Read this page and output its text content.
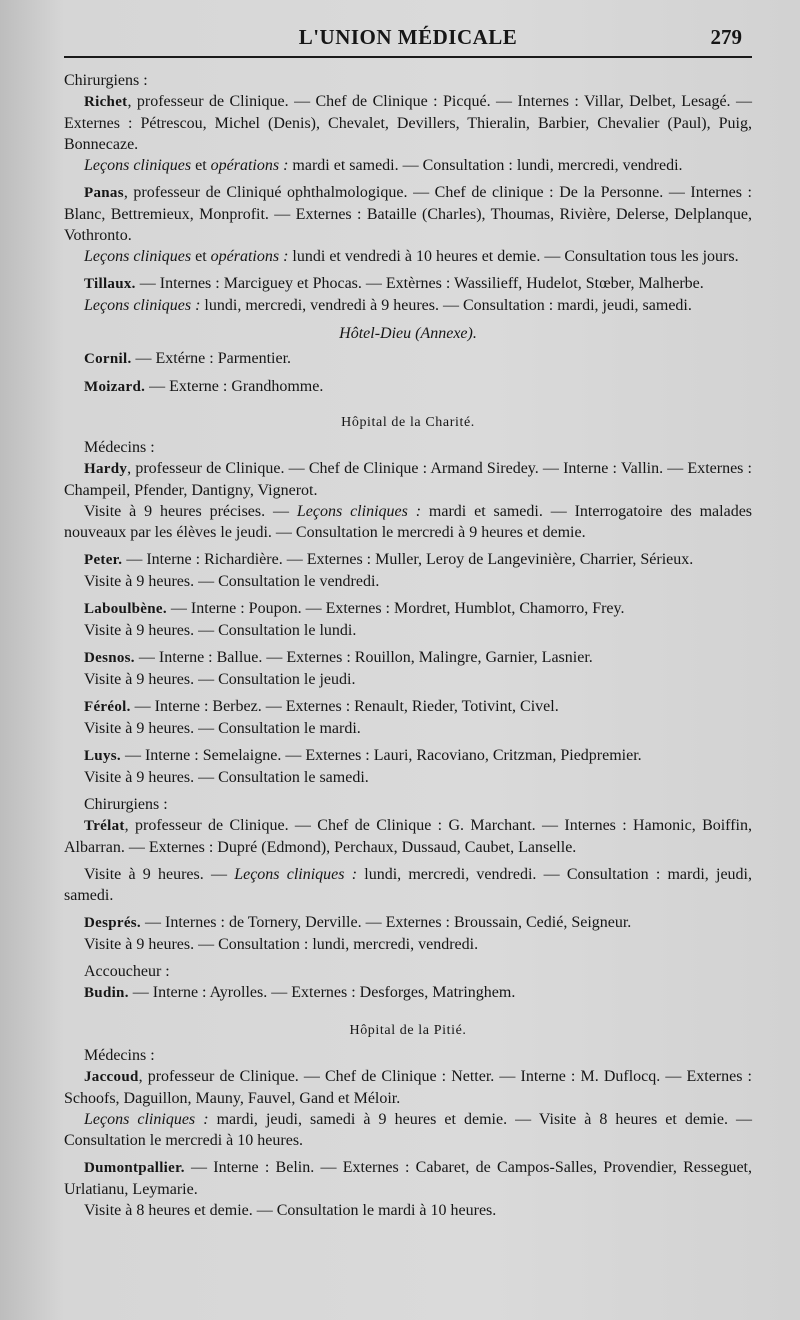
L'UNION MÉDICALE	279

Chirurgiens :

Richet, professeur de Clinique. — Chef de Clinique : Picqué. — Internes : Villar, Delbet, Lesagé. — Externes : Pétrescou, Michel (Denis), Chevalet, Devillers, Thieralin, Barbier, Chevalier (Paul), Puig, Bonnecaze.

Leçons cliniques et opérations : mardi et samedi. — Consultation : lundi, mercredi, vendredi.

Panas, professeur de Cliniqué ophthalmologique. — Chef de clinique : De la Personne. — Internes : Blanc, Bettremieux, Monprofit. — Externes : Bataille (Charles), Thoumas, Rivière, Delerse, Delplanque, Vothronto.

Leçons cliniques et opérations : lundi et vendredi à 10 heures et demie. — Consultation tous les jours.

Tillaux. — Internes : Marciguey et Phocas. — Extèrnes : Wassilieff, Hudelot, Stœber, Malherbe.

Leçons cliniques : lundi, mercredi, vendredi à 9 heures. — Consultation : mardi, jeudi, samedi.

Hôtel-Dieu (Annexe).

Cornil. — Extérne : Parmentier.

Moizard. — Externe : Grandhomme.

Hôpital de la Charité.

Médecins :

Hardy, professeur de Clinique. — Chef de Clinique : Armand Siredey. — Interne : Vallin. — Externes : Champeil, Pfender, Dantigny, Vignerot.

Visite à 9 heures précises. — Leçons cliniques : mardi et samedi. — Interrogatoire des malades nouveaux par les élèves le jeudi. — Consultation le mercredi à 9 heures et demie.

Peter. — Interne : Richardière. — Externes : Muller, Leroy de Langevinière, Charrier, Sérieux.

Visite à 9 heures. — Consultation le vendredi.

Laboulbène. — Interne : Poupon. — Externes : Mordret, Humblot, Chamorro, Frey.

Visite à 9 heures. — Consultation le lundi.

Desnos. — Interne : Ballue. — Externes : Rouillon, Malingre, Garnier, Lasnier.

Visite à 9 heures. — Consultation le jeudi.

Féréol. — Interne : Berbez. — Externes : Renault, Rieder, Totivint, Civel.

Visite à 9 heures. — Consultation le mardi.

Luys. — Interne : Semelaigne. — Externes : Lauri, Racoviano, Critzman, Piedpremier.

Visite à 9 heures. — Consultation le samedi.

Chirurgiens :

Trélat, professeur de Clinique. — Chef de Clinique : G. Marchant. — Internes : Hamonic, Boiffin, Albarran. — Externes : Dupré (Edmond), Perchaux, Dussaud, Caubet, Lanselle.

Visite à 9 heures. — Leçons cliniques : lundi, mercredi, vendredi. — Consultation : mardi, jeudi, samedi.

Després. — Internes : de Tornery, Derville. — Externes : Broussain, Cedié, Seigneur.

Visite à 9 heures. — Consultation : lundi, mercredi, vendredi.

Accoucheur :

Budin. — Interne : Ayrolles. — Externes : Desforges, Matringhem.

Hôpital de la Pitié.

Médecins :

Jaccoud, professeur de Clinique. — Chef de Clinique : Netter. — Interne : M. Duflocq. — Externes : Schoofs, Daguillon, Mauny, Fauvel, Gand et Méloir.

Leçons cliniques : mardi, jeudi, samedi à 9 heures et demie. — Visite à 8 heures et demie. — Consultation le mercredi à 10 heures.

Dumontpallier. — Interne : Belin. — Externes : Cabaret, de Campos-Salles, Provendier, Resseguet, Urlatianu, Leymarie.

Visite à 8 heures et demie. — Consultation le mardi à 10 heures.
